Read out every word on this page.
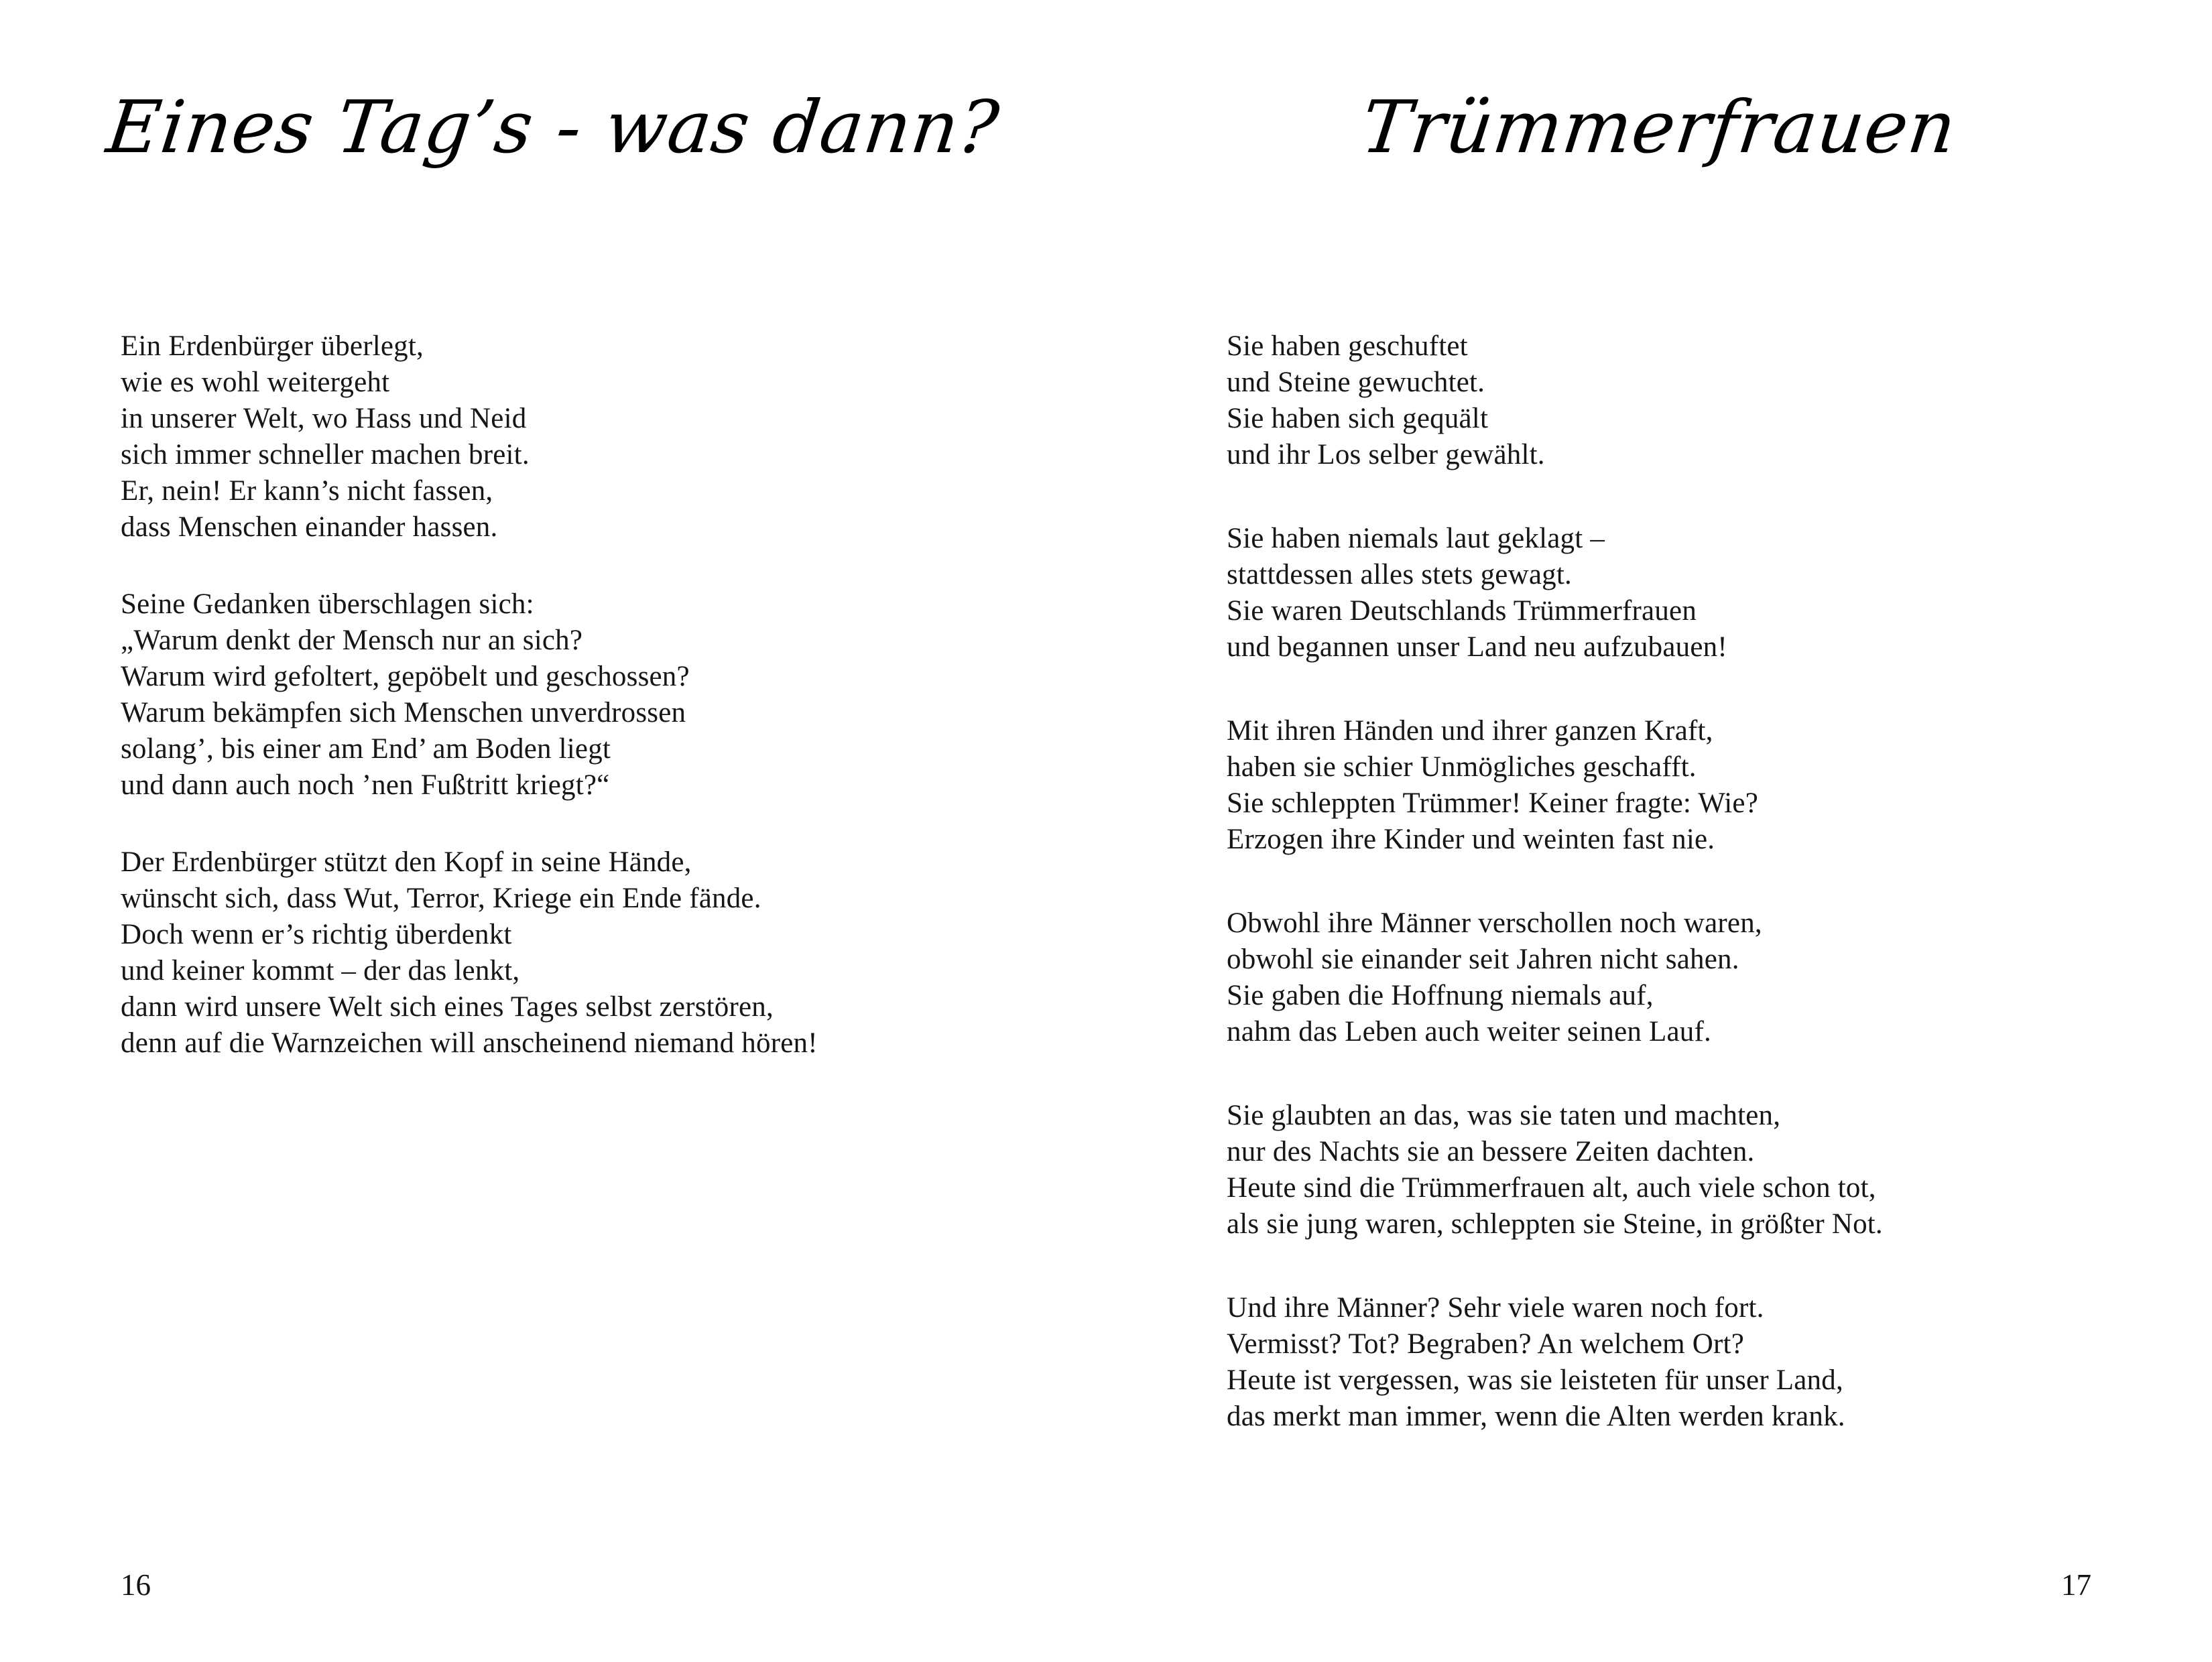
Eines Tag’s - was dann?
Ein Erdenbürger überlegt,
wie es wohl weitergeht
in unserer Welt, wo Hass und Neid
sich immer schneller machen breit.
Er, nein! Er kann’s nicht fassen,
dass Menschen einander hassen.
Seine Gedanken überschlagen sich:
„Warum denkt der Mensch nur an sich?
Warum wird gefoltert, gepöbelt und geschossen?
Warum bekämpfen sich Menschen unverdrossen
solang’, bis einer am End’ am Boden liegt
und dann auch noch ’nen Fußtritt kriegt?“
Der Erdenbürger stützt den Kopf in seine Hände,
wünscht sich, dass Wut, Terror, Kriege ein Ende fände.
Doch wenn er’s richtig überdenkt
und keiner kommt – der das lenkt,
dann wird unsere Welt sich eines Tages selbst zerstören,
denn auf die Warnzeichen will anscheinend niemand hören!
16
Trümmerfrauen
Sie haben geschuftet
und Steine gewuchtet.
Sie haben sich gequält
und ihr Los selber gewählt.
Sie haben niemals laut geklagt –
stattdessen alles stets gewagt.
Sie waren Deutschlands Trümmerfrauen
und begannen unser Land neu aufzubauen!
Mit ihren Händen und ihrer ganzen Kraft,
haben sie schier Unmögliches geschafft.
Sie schleppten Trümmer! Keiner fragte: Wie?
Erzogen ihre Kinder und weinten fast nie.
Obwohl ihre Männer verschollen noch waren,
obwohl sie einander seit Jahren nicht sahen.
Sie gaben die Hoffnung niemals auf,
nahm das Leben auch weiter seinen Lauf.
Sie glaubten an das, was sie taten und machten,
nur des Nachts sie an bessere Zeiten dachten.
Heute sind die Trümmerfrauen alt, auch viele schon tot,
als sie jung waren, schleppten sie Steine, in größter Not.
Und ihre Männer? Sehr viele waren noch fort.
Vermisst? Tot? Begraben? An welchem Ort?
Heute ist vergessen, was sie leisteten für unser Land,
das merkt man immer, wenn die Alten werden krank.
17
